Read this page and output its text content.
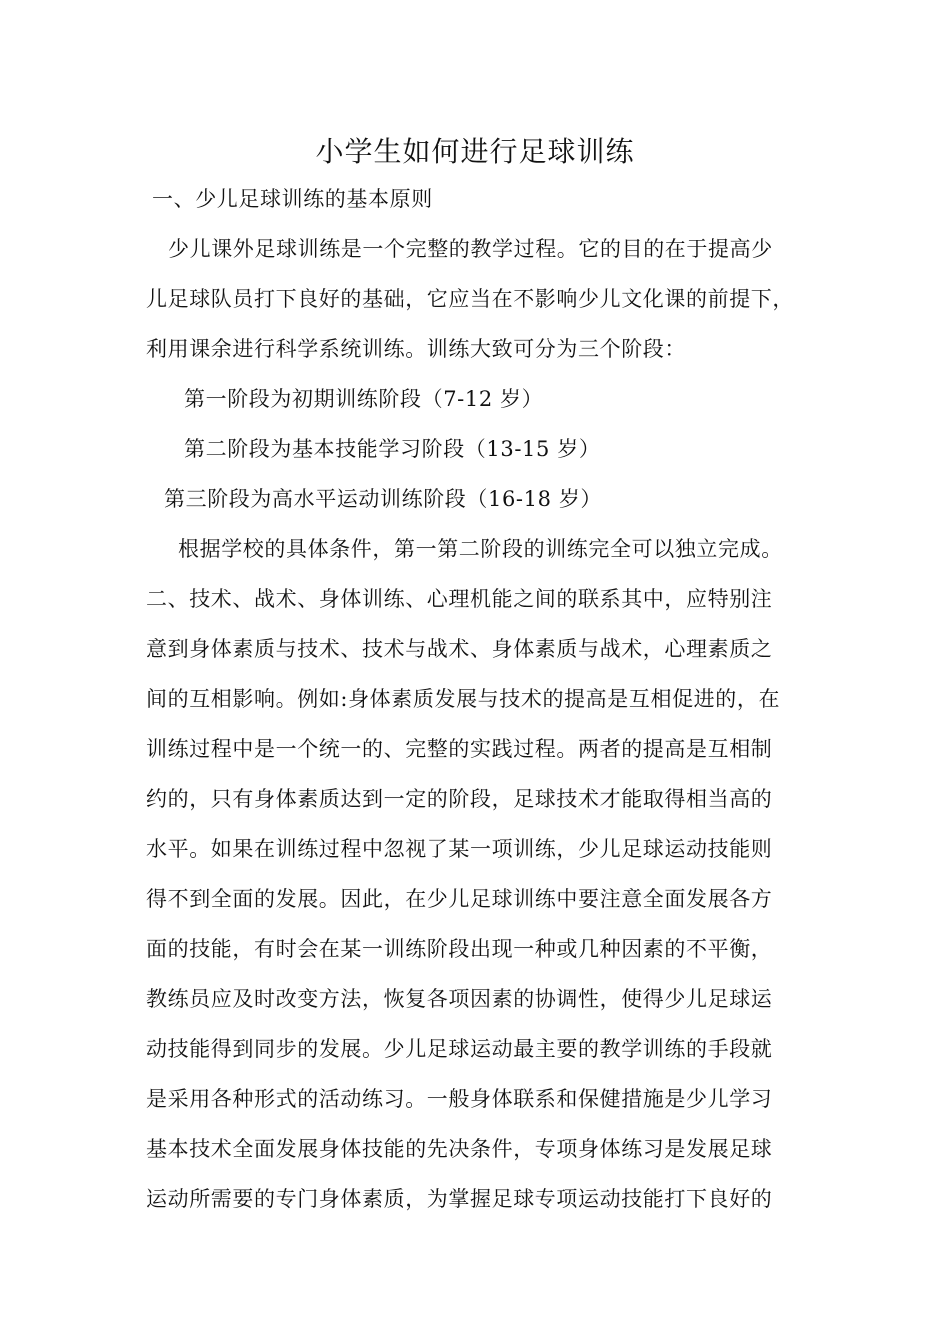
小学生如何进行足球训练
一、少儿足球训练的基本原则
少儿课外足球训练是一个完整的教学过程。它的目的在于提高少
儿足球队员打下良好的基础，它应当在不影响少儿文化课的前提下，
利用课余进行科学系统训练。训练大致可分为三个阶段：
第一阶段为初期训练阶段（7-12 岁）
第二阶段为基本技能学习阶段（13-15 岁）
第三阶段为高水平运动训练阶段（16-18 岁）
根据学校的具体条件，第一第二阶段的训练完全可以独立完成。
二、技术、战术、身体训练、心理机能之间的联系其中，应特别注
意到身体素质与技术、技术与战术、身体素质与战术，心理素质之
间的互相影响。例如:身体素质发展与技术的提高是互相促进的，在
训练过程中是一个统一的、完整的实践过程。两者的提高是互相制
约的，只有身体素质达到一定的阶段，足球技术才能取得相当高的
水平。如果在训练过程中忽视了某一项训练，少儿足球运动技能则
得不到全面的发展。因此，在少儿足球训练中要注意全面发展各方
面的技能，有时会在某一训练阶段出现一种或几种因素的不平衡，
教练员应及时改变方法，恢复各项因素的协调性，使得少儿足球运
动技能得到同步的发展。少儿足球运动最主要的教学训练的手段就
是采用各种形式的活动练习。一般身体联系和保健措施是少儿学习
基本技术全面发展身体技能的先决条件，专项身体练习是发展足球
运动所需要的专门身体素质，为掌握足球专项运动技能打下良好的
